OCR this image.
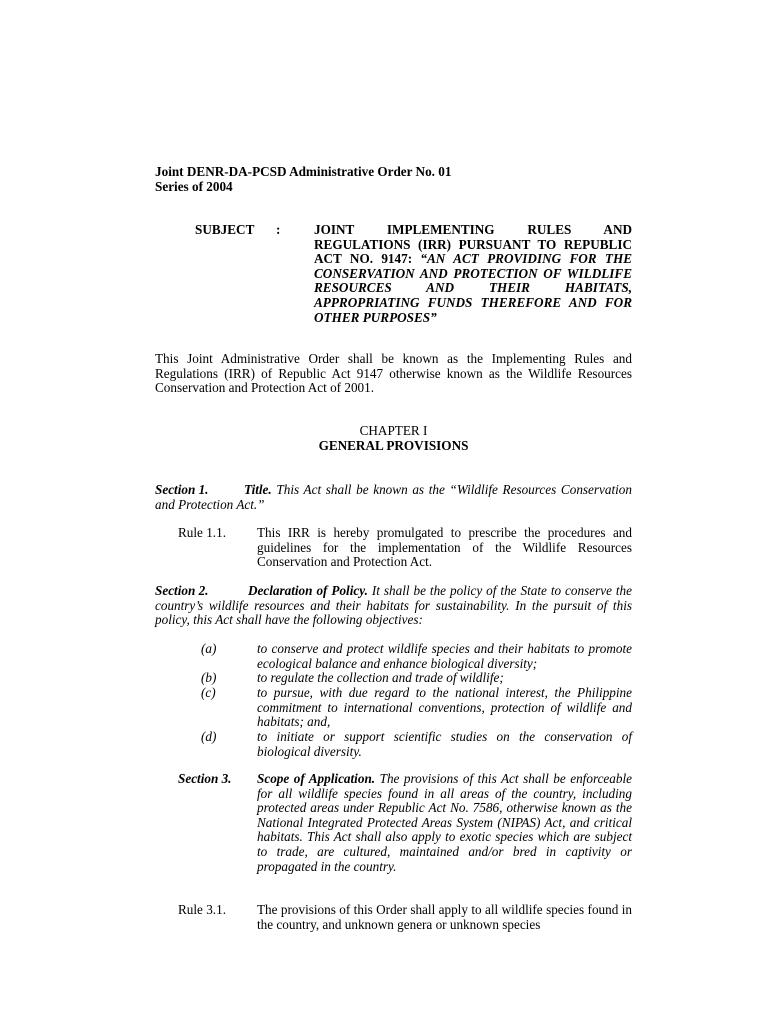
Joint DENR-DA-PCSD Administrative Order No. 01
Series of 2004
SUBJECT :	JOINT IMPLEMENTING RULES AND REGULATIONS (IRR) PURSUANT TO REPUBLIC ACT NO. 9147: “AN ACT PROVIDING FOR THE CONSERVATION AND PROTECTION OF WILDLIFE RESOURCES AND THEIR HABITATS, APPROPRIATING FUNDS THEREFORE AND FOR OTHER PURPOSES”
This Joint Administrative Order shall be known as the Implementing Rules and Regulations (IRR) of Republic Act 9147 otherwise known as the Wildlife Resources Conservation and Protection Act of 2001.
CHAPTER I
GENERAL PROVISIONS
Section 1.	Title. This Act shall be known as the “Wildlife Resources Conservation and Protection Act.”
Rule 1.1. This IRR is hereby promulgated to prescribe the procedures and guidelines for the implementation of the Wildlife Resources Conservation and Protection Act.
Section 2.	Declaration of Policy. It shall be the policy of the State to conserve the country’s wildlife resources and their habitats for sustainability. In the pursuit of this policy, this Act shall have the following objectives:
(a)	to conserve and protect wildlife species and their habitats to promote ecological balance and enhance biological diversity;
(b)	to regulate the collection and trade of wildlife;
(c)	to pursue, with due regard to the national interest, the Philippine commitment to international conventions, protection of wildlife and habitats; and,
(d)	to initiate or support scientific studies on the conservation of biological diversity.
Section 3. Scope of Application. The provisions of this Act shall be enforceable for all wildlife species found in all areas of the country, including protected areas under Republic Act No. 7586, otherwise known as the National Integrated Protected Areas System (NIPAS) Act, and critical habitats. This Act shall also apply to exotic species which are subject to trade, are cultured, maintained and/or bred in captivity or propagated in the country.
Rule 3.1. The provisions of this Order shall apply to all wildlife species found in the country, and unknown genera or unknown species
